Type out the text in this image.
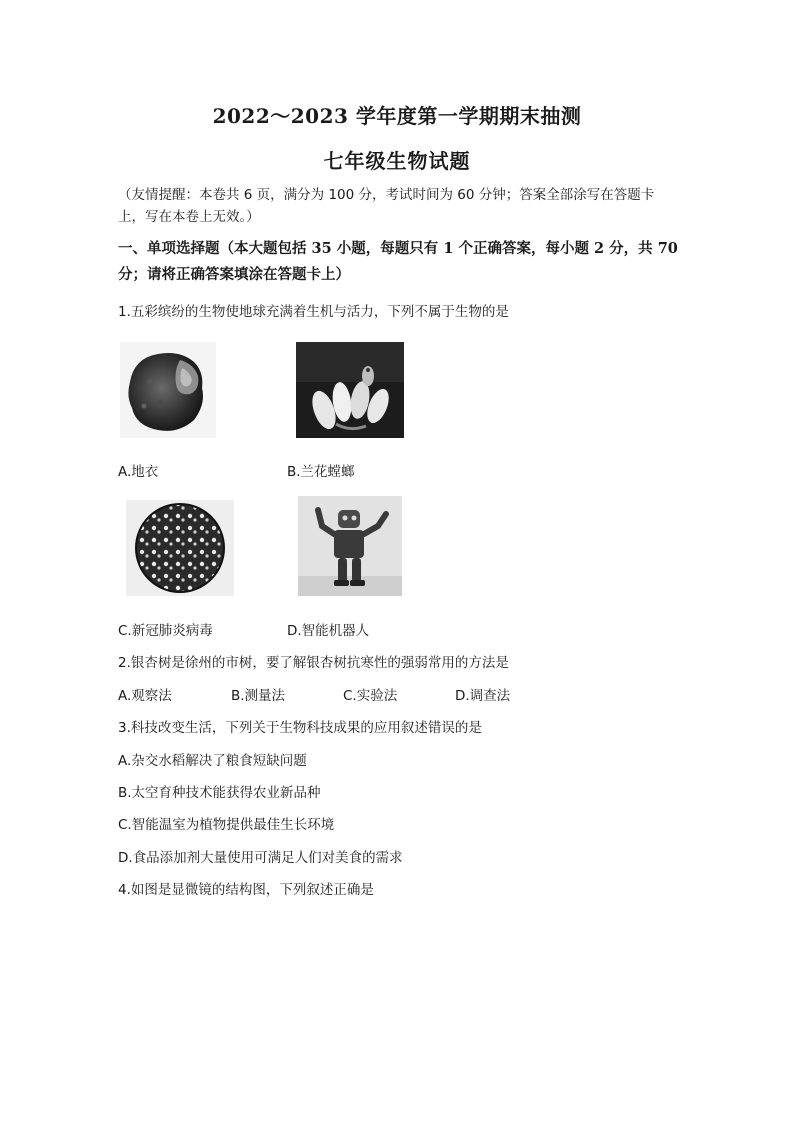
2022～2023 学年度第一学期期末抽测
七年级生物试题
（友情提醒：本卷共 6 页，满分为 100 分，考试时间为 60 分钟；答案全部涂写在答题卡上，写在本卷上无效。）
一、单项选择题（本大题包括 35 小题，每题只有 1 个正确答案，每小题 2 分，共 70 分；请将正确答案填涂在答题卡上）
1.五彩缤纷的生物使地球充满着生机与活力，下列不属于生物的是
A.地衣	B.兰花螳螂
C.新冠肺炎病毒	D.智能机器人
2.银杏树是徐州的市树，要了解银杏树抗寒性的强弱常用的方法是
A.观察法	B.测量法	C.实验法	D.调查法
3.科技改变生活，下列关于生物科技成果的应用叙述错误的是
A.杂交水稻解决了粮食短缺问题
B.太空育种技术能获得农业新品种
C.智能温室为植物提供最佳生长环境
D.食品添加剂大量使用可满足人们对美食的需求
4.如图是显微镜的结构图，下列叙述正确是
